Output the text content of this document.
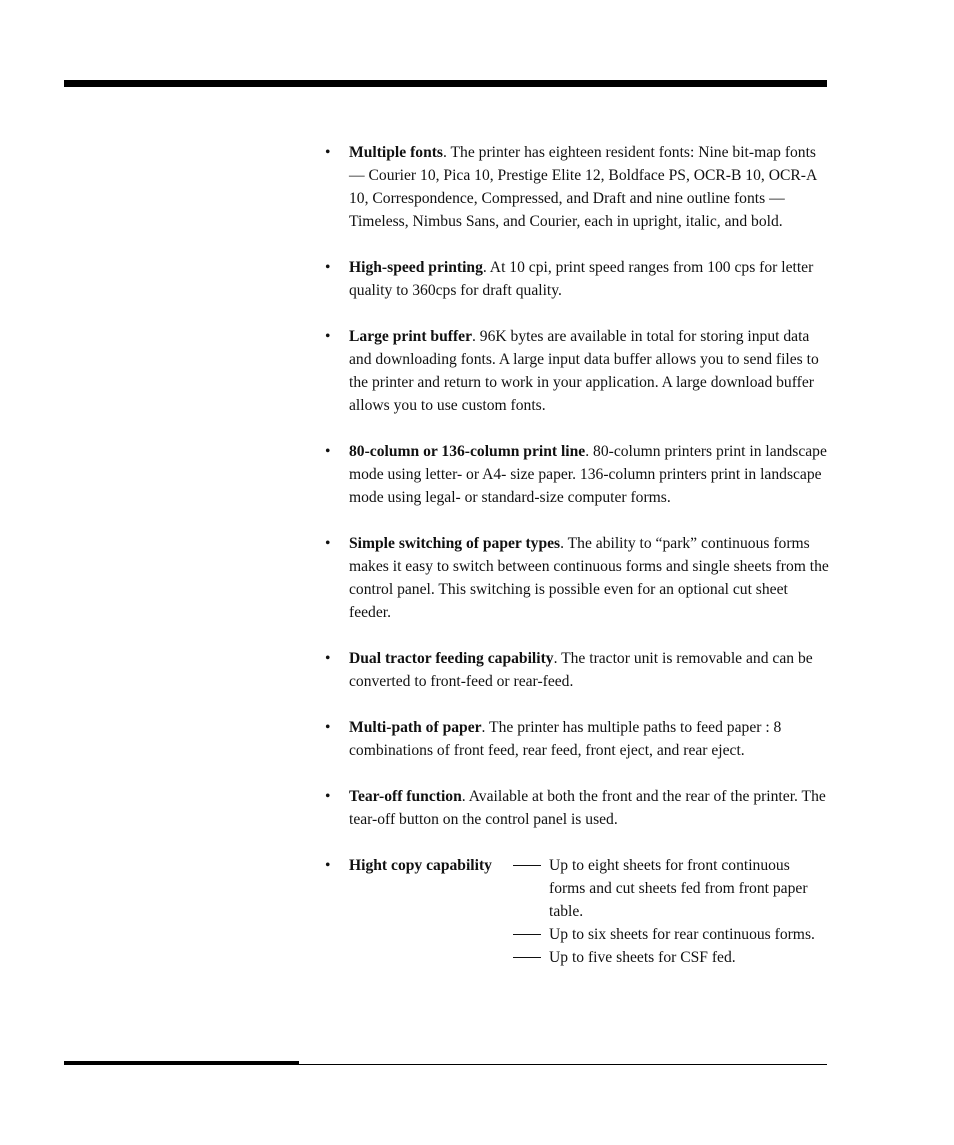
• Multiple fonts. The printer has eighteen resident fonts: Nine bit-map fonts — Courier 10, Pica 10, Prestige Elite 12, Boldface PS, OCR-B 10, OCR-A 10, Correspondence, Compressed, and Draft and nine outline fonts — Timeless, Nimbus Sans, and Courier, each in upright, italic, and bold.

• High-speed printing. At 10 cpi, print speed ranges from 100 cps for letter quality to 360cps for draft quality.

• Large print buffer. 96K bytes are available in total for storing input data and downloading fonts. A large input data buffer allows you to send files to the printer and return to work in your application. A large download buffer allows you to use custom fonts.

• 80-column or 136-column print line. 80-column printers print in landscape mode using letter- or A4- size paper. 136-column printers print in landscape mode using legal- or standard-size computer forms.

• Simple switching of paper types. The ability to “park” continuous forms makes it easy to switch between continuous forms and single sheets from the control panel. This switching is possible even for an optional cut sheet feeder.

• Dual tractor feeding capability. The tractor unit is removable and can be converted to front-feed or rear-feed.

• Multi-path of paper. The printer has multiple paths to feed paper : 8 combinations of front feed, rear feed, front eject, and rear eject.

• Tear-off function. Available at both the front and the rear of the printer. The tear-off button on the control panel is used.

• Hight copy capability	Up to eight sheets for front continuous forms and cut sheets fed from front paper table.
Up to six sheets for rear continuous forms.
Up to five sheets for CSF fed.
